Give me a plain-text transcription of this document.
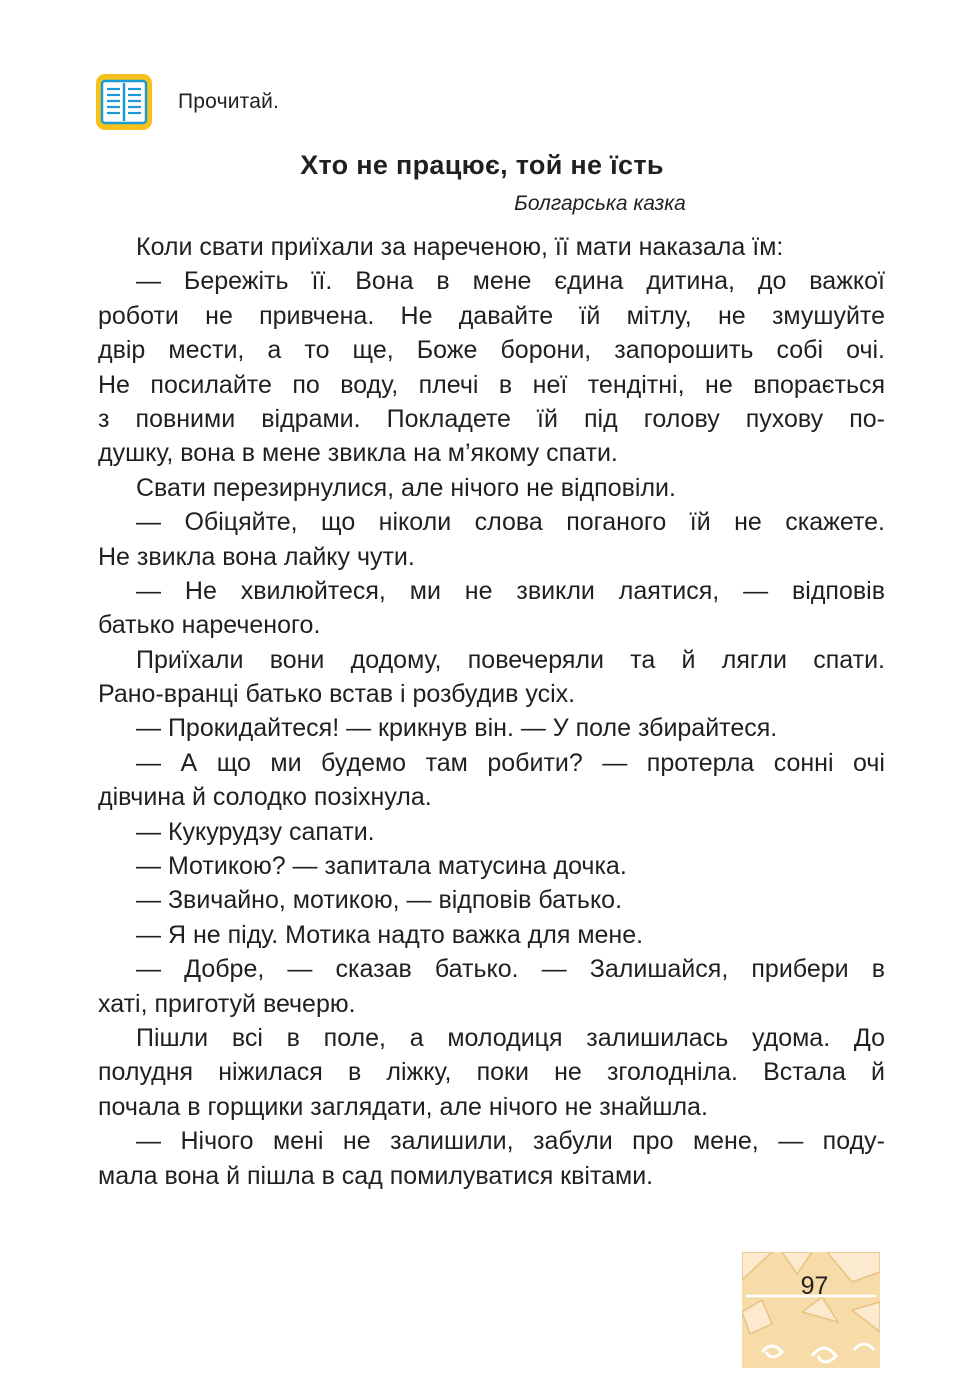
Прочитай.
Хто не працює, той не їсть
Болгарська казка
Коли свати приїхали за нареченою, її мати наказала їм:
— Бережіть її. Вона в мене єдина дитина, до важкої
роботи не привчена. Не давайте їй мітлу, не змушуйте
двір мести, а то ще, Боже борони, запорошить собі очі.
Не посилайте по воду, плечі в неї тендітні, не впорається
з повними відрами. Покладете їй під голову пухову по-
душку, вона в мене звикла на м’якому спати.
Свати перезирнулися, але нічого не відповіли.
— Обіцяйте, що ніколи слова поганого їй не скажете.
Не звикла вона лайку чути.
— Не хвилюйтеся, ми не звикли лаятися, — відповів
батько нареченого.
Приїхали вони додому, повечеряли та й лягли спати.
Рано-вранці батько встав і розбудив усіх.
— Прокидайтеся! — крикнув він. — У поле збирайтеся.
— А що ми будемо там робити? — протерла сонні очі
дівчина й солодко позіхнула.
— Кукурудзу сапати.
— Мотикою? — запитала матусина дочка.
— Звичайно, мотикою, — відповів батько.
— Я не піду. Мотика надто важка для мене.
— Добре, — сказав батько. — Залишайся, прибери в
хаті, приготуй вечерю.
Пішли всі в поле, а молодиця залишилась удома. До
полудня ніжилася в ліжку, поки не зголодніла. Встала й
почала в горщики заглядати, але нічого не знайшла.
— Нічого мені не залишили, забули про мене, — поду-
мала вона й пішла в сад помилуватися квітами.
97
